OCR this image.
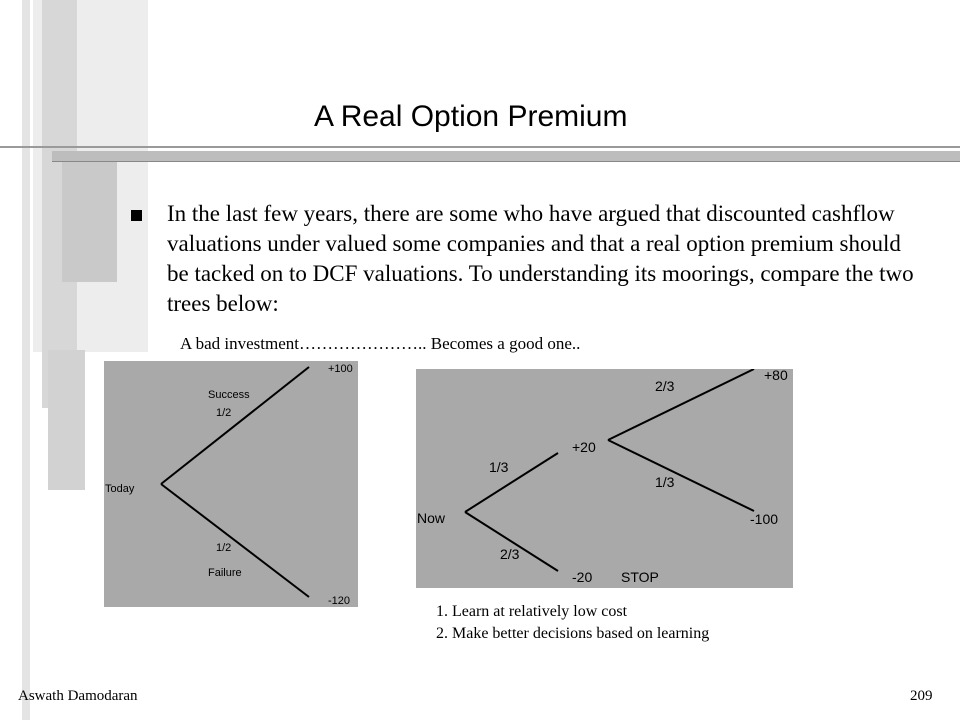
A Real Option Premium
In the last few years, there are some who have argued that discounted cashflow valuations under valued some companies and that a real option premium should be tacked on to DCF valuations. To understanding its moorings, compare the two trees below:
A bad investment………………….. Becomes a good one..
Today
Success
1/2
+100
1/2
Failure
-120
Now
1/3
+20
2/3
-20 STOP
2/3
+80
1/3
-100
1. Learn at relatively low cost
2. Make better decisions based on learning
Aswath Damodaran	209
